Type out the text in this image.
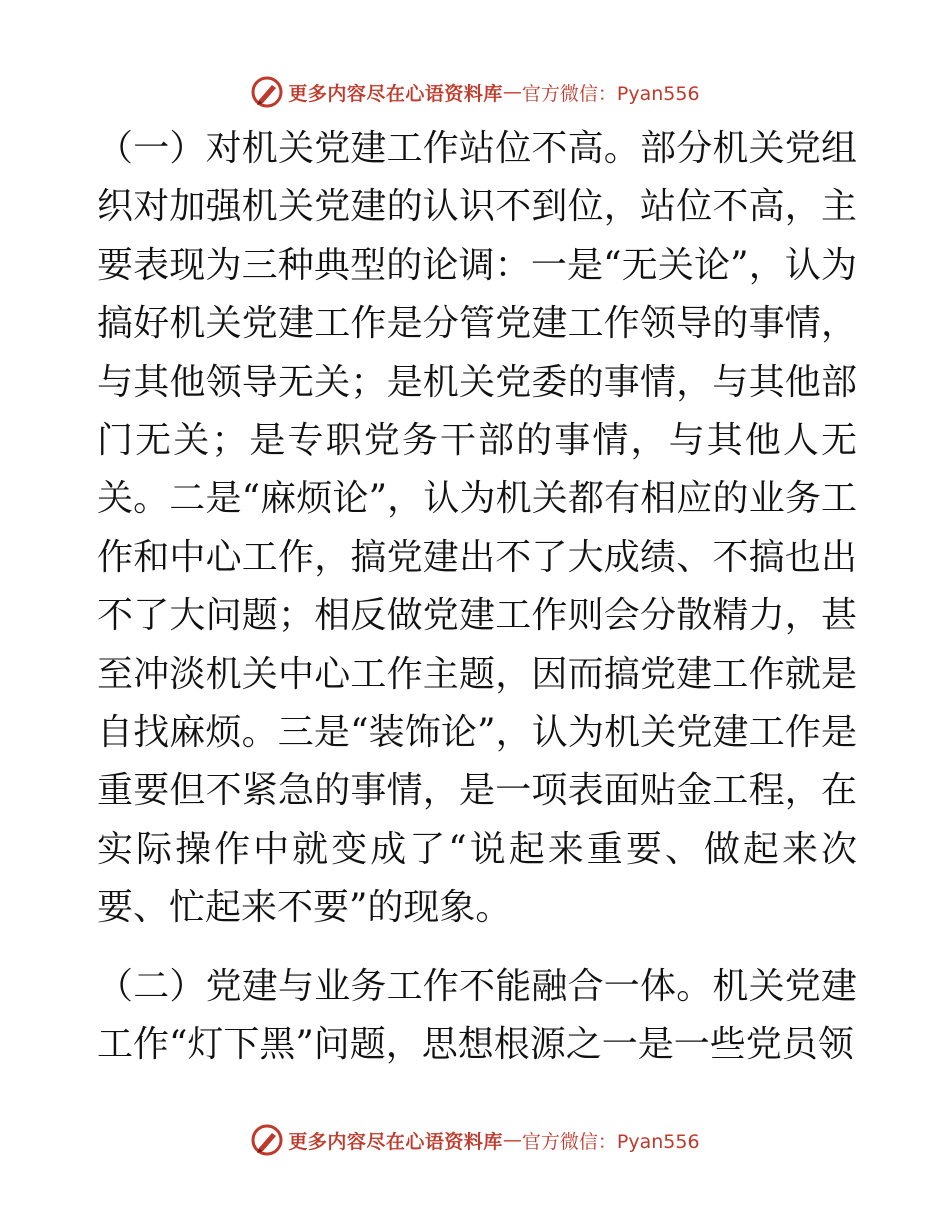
更多内容尽在心语资料库 — 官方微信：Pyan556

（一）对机关党建工作站位不高。部分机关党组织对加强机关党建的认识不到位，站位不高，主要表现为三种典型的论调：一是“无关论”，认为搞好机关党建工作是分管党建工作领导的事情，与其他领导无关；是机关党委的事情，与其他部门无关；是专职党务干部的事情，与其他人无关。二是“麻烦论”，认为机关都有相应的业务工作和中心工作，搞党建出不了大成绩、不搞也出不了大问题；相反做党建工作则会分散精力，甚至冲淡机关中心工作主题，因而搞党建工作就是自找麻烦。三是“装饰论”，认为机关党建工作是重要但不紧急的事情，是一项表面贴金工程，在实际操作中就变成了“说起来重要、做起来次要、忙起来不要”的现象。

（二）党建与业务工作不能融合一体。机关党建工作“灯下黑”问题，思想根源之一是一些党员领

更多内容尽在心语资料库 — 官方微信：Pyan556
